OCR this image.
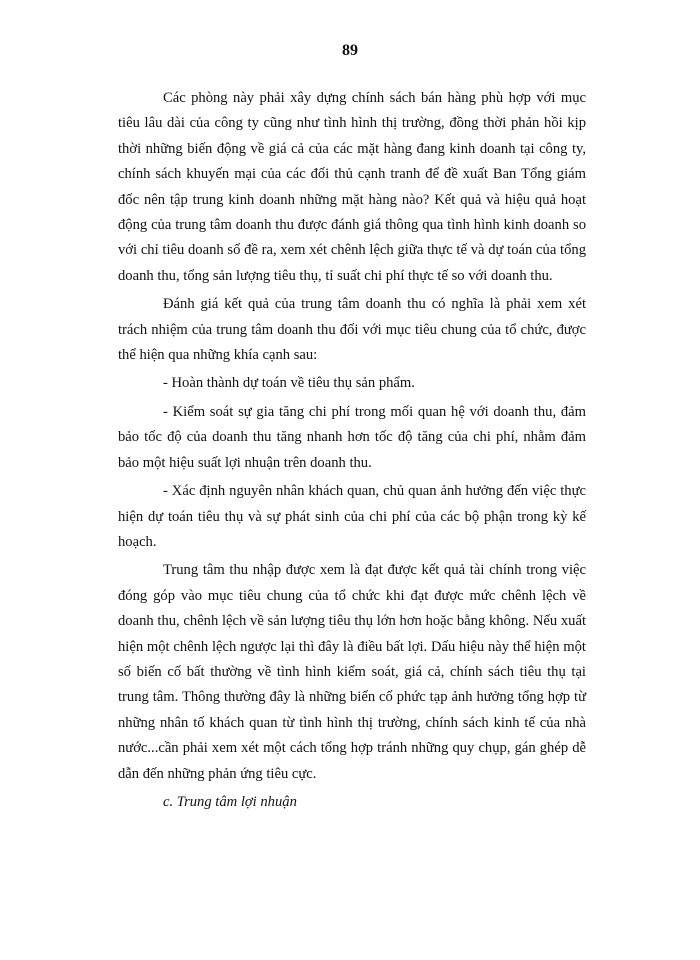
89

Các phòng này phải xây dựng chính sách bán hàng phù hợp với mục tiêu lâu dài của công ty cũng như tình hình thị trường, đồng thời phản hồi kịp thời những biến động về giá cả của các mặt hàng đang kinh doanh tại công ty, chính sách khuyến mại của các đối thủ cạnh tranh để đề xuất Ban Tổng giám đốc nên tập trung kinh doanh những mặt hàng nào? Kết quả và hiệu quả hoạt động của trung tâm doanh thu được đánh giá thông qua tình hình kinh doanh so với chỉ tiêu doanh số đề ra, xem xét chênh lệch giữa thực tế và dự toán của tổng doanh thu, tổng sản lượng tiêu thụ, tỉ suất chi phí thực tế so với doanh thu.

Đánh giá kết quả của trung tâm doanh thu có nghĩa là phải xem xét trách nhiệm của trung tâm doanh thu đối với mục tiêu chung của tổ chức, được thể hiện qua những khía cạnh sau:

- Hoàn thành dự toán về tiêu thụ sản phẩm.

- Kiểm soát sự gia tăng chi phí trong mối quan hệ với doanh thu, đảm bảo tốc độ của doanh thu tăng nhanh hơn tốc độ tăng của chi phí, nhằm đảm bảo một hiệu suất lợi nhuận trên doanh thu.

- Xác định nguyên nhân khách quan, chủ quan ảnh hưởng đến việc thực hiện dự toán tiêu thụ và sự phát sinh của chi phí của các bộ phận trong kỳ kế hoạch.

Trung tâm thu nhập được xem là đạt được kết quả tài chính trong việc đóng góp vào mục tiêu chung của tổ chức khi đạt được mức chênh lệch về doanh thu, chênh lệch về sản lượng tiêu thụ lớn hơn hoặc bằng không. Nếu xuất hiện một chênh lệch ngược lại thì đây là điều bất lợi. Dấu hiệu này thể hiện một số biến cố bất thường về tình hình kiểm soát, giá cả, chính sách tiêu thụ tại trung tâm. Thông thường đây là những biến cố phức tạp ảnh hưởng tổng hợp từ những nhân tố khách quan từ tình hình thị trường, chính sách kinh tế của nhà nước...cần phải xem xét một cách tổng hợp tránh những quy chụp, gán ghép dễ dẫn đến những phản ứng tiêu cực.

c. Trung tâm lợi nhuận
